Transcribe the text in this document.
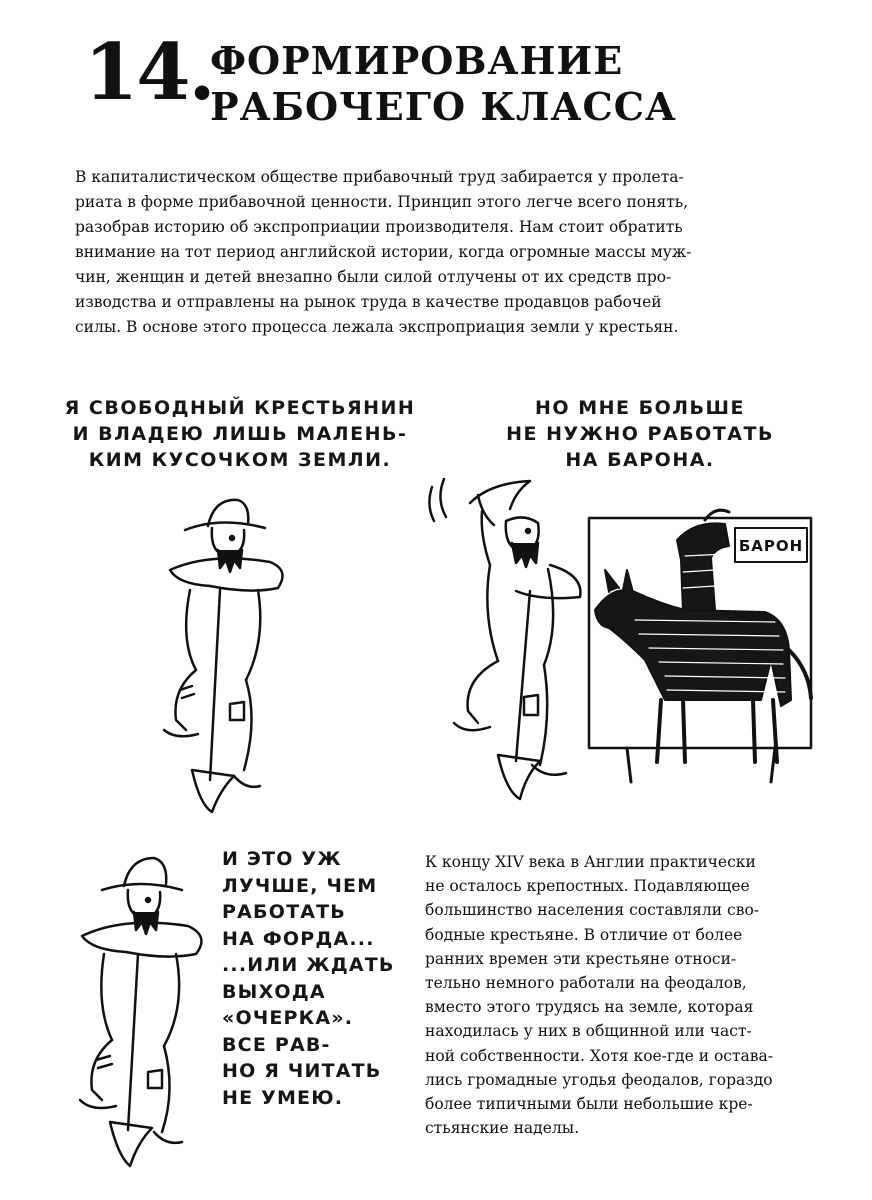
14.
ФОРМИРОВАНИЕ
РАБОЧЕГО КЛАССА

В капиталистическом обществе прибавочный труд забирается у пролета-
риата в форме прибавочной ценности. Принцип этого легче всего понять,
разобрав историю об экспроприации производителя. Нам стоит обратить
внимание на тот период английской истории, когда огромные массы муж-
чин, женщин и детей внезапно были силой отлучены от их средств про-
изводства и отправлены на рынок труда в качестве продавцов рабочей
силы. В основе этого процесса лежала экспроприация земли у крестьян.

Я СВОБОДНЫЙ КРЕСТЬЯНИН
И ВЛАДЕЮ ЛИШЬ МАЛЕНЬ-
КИМ КУСОЧКОМ ЗЕМЛИ.

НО МНЕ БОЛЬШЕ
НЕ НУЖНО РАБОТАТЬ
НА БАРОНА.

БАРОН

И ЭТО УЖ
ЛУЧШЕ, ЧЕМ
РАБОТАТЬ
НА ФОРДА...
...ИЛИ ЖДАТЬ
ВЫХОДА
«ОЧЕРКА».
ВСЕ РАВ-
НО Я ЧИТАТЬ
НЕ УМЕЮ.

К концу XIV века в Англии практически
не осталось крепостных. Подавляющее
большинство населения составляли сво-
бодные крестьяне. В отличие от более
ранних времен эти крестьяне относи-
тельно немного работали на феодалов,
вместо этого трудясь на земле, которая
находилась у них в общинной или част-
ной собственности. Хотя кое-где и остава-
лись громадные угодья феодалов, гораздо
более типичными были небольшие кре-
стьянские наделы.
